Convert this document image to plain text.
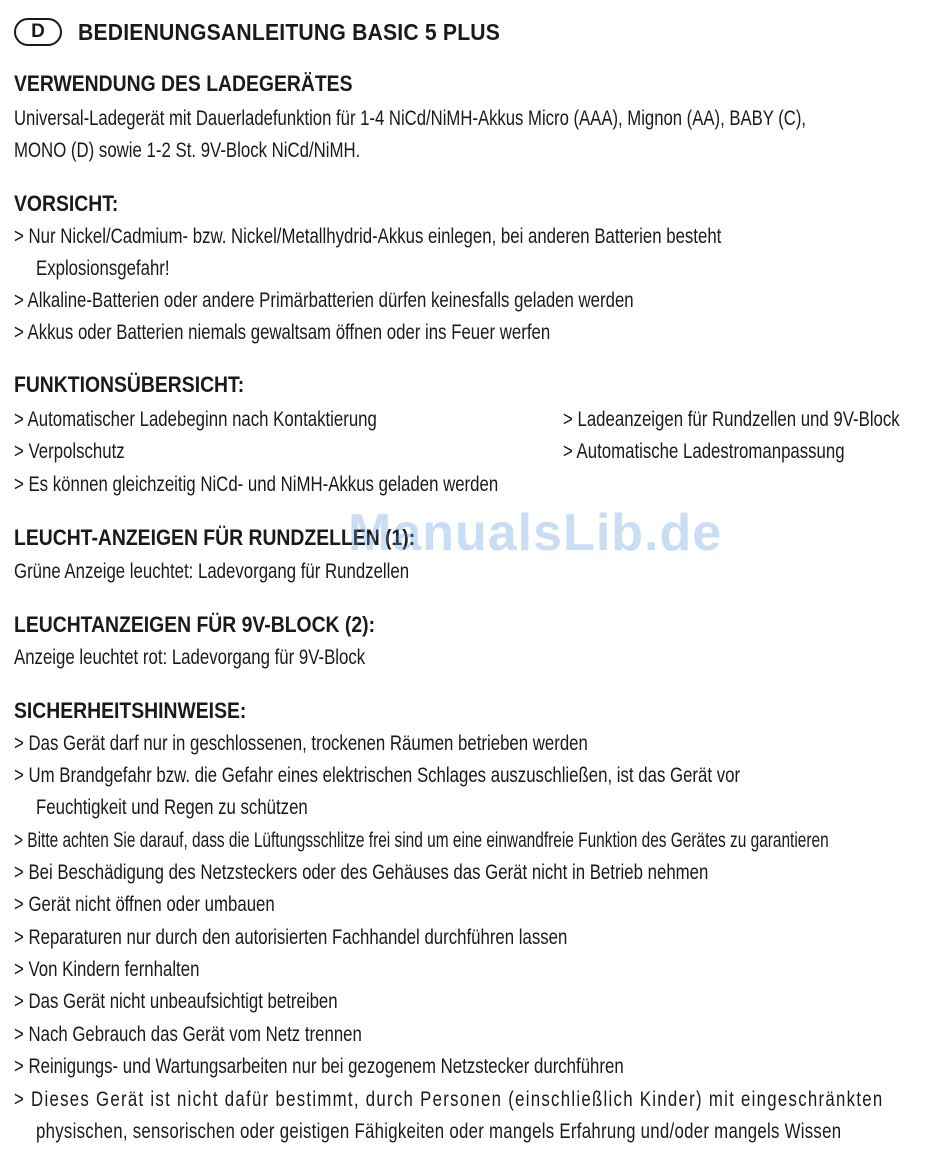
D	BEDIENUNGSANLEITUNG BASIC 5 PLUS
VERWENDUNG DES LADEGERÄTES
Universal-Ladegerät mit Dauerladefunktion für 1-4 NiCd/NiMH-Akkus Micro (AAA), Mignon (AA), BABY (C),
MONO (D) sowie 1-2 St. 9V-Block NiCd/NiMH.
VORSICHT:
> Nur Nickel/Cadmium- bzw. Nickel/Metallhydrid-Akkus einlegen, bei anderen Batterien besteht
Explosionsgefahr!
> Alkaline-Batterien oder andere Primärbatterien dürfen keinesfalls geladen werden
> Akkus oder Batterien niemals gewaltsam öffnen oder ins Feuer werfen
FUNKTIONSÜBERSICHT:
> Automatischer Ladebeginn nach Kontaktierung
> Verpolschutz
> Es können gleichzeitig NiCd- und NiMH-Akkus geladen werden
> Ladeanzeigen für Rundzellen und 9V-Block
> Automatische Ladestromanpassung
LEUCHT-ANZEIGEN FÜR RUNDZELLEN (1):
Grüne Anzeige leuchtet: Ladevorgang für Rundzellen
LEUCHTANZEIGEN FÜR 9V-BLOCK (2):
Anzeige leuchtet rot: Ladevorgang für 9V-Block
SICHERHEITSHINWEISE:
> Das Gerät darf nur in geschlossenen, trockenen Räumen betrieben werden
> Um Brandgefahr bzw. die Gefahr eines elektrischen Schlages auszuschließen, ist das Gerät vor
Feuchtigkeit und Regen zu schützen
> Bitte achten Sie darauf, dass die Lüftungsschlitze frei sind um eine einwandfreie Funktion des Gerätes zu garantieren
> Bei Beschädigung des Netzsteckers oder des Gehäuses das Gerät nicht in Betrieb nehmen
> Gerät nicht öffnen oder umbauen
> Reparaturen nur durch den autorisierten Fachhandel durchführen lassen
> Von Kindern fernhalten
> Das Gerät nicht unbeaufsichtigt betreiben
> Nach Gebrauch das Gerät vom Netz trennen
> Reinigungs- und Wartungsarbeiten nur bei gezogenem Netzstecker durchführen
> Dieses Gerät ist nicht dafür bestimmt, durch Personen (einschließlich Kinder) mit eingeschränkten
physischen, sensorischen oder geistigen Fähigkeiten oder mangels Erfahrung und/oder mangels Wissen
ManualsLib.de
